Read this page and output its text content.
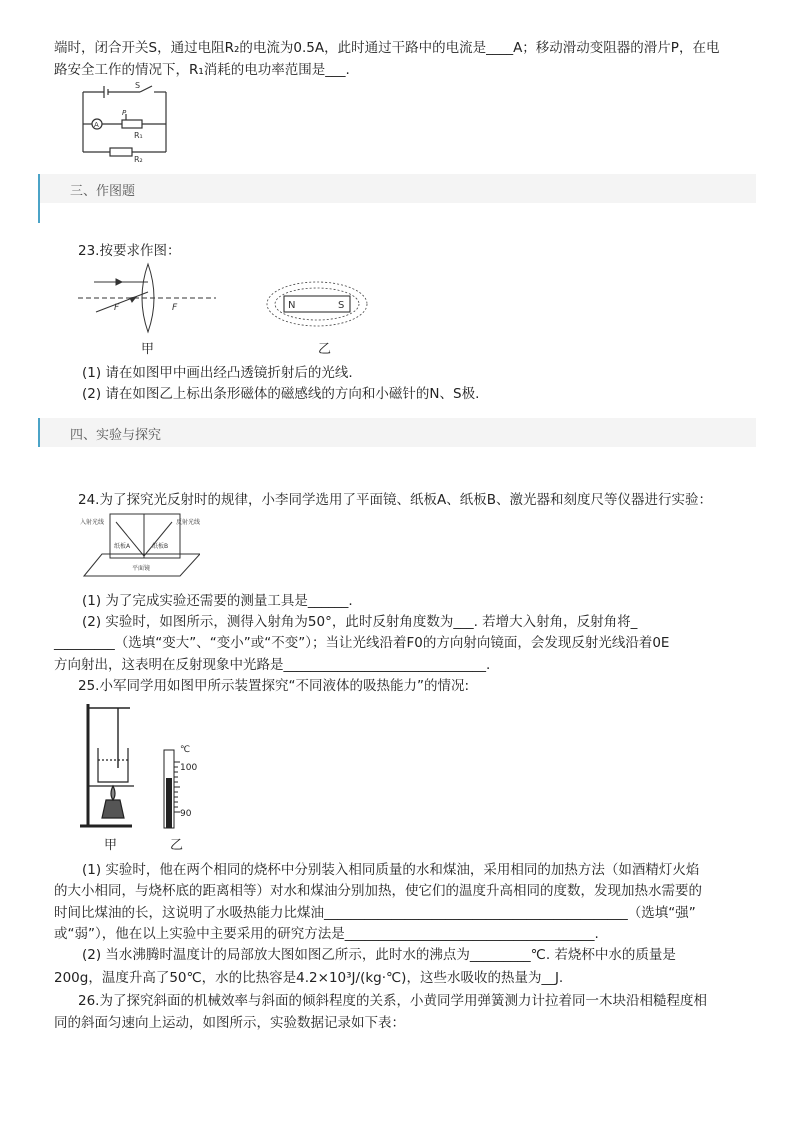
端时，闭合开关S，通过电阻R₂的电流为0.5A，此时通过干路中的电流是____A；移动滑动变阻器的滑片P，在电
路安全工作的情况下，R₁消耗的电功率范围是___.
S
A
P
R₁
R₂
三、作图题
23.按要求作图：
F	F
甲
N	S
乙
(1) 请在如图甲中画出经凸透镜折射后的光线.
(2) 请在如图乙上标出条形磁体的磁感线的方向和小磁针的N、S极.
四、实验与探究
24.为了探究光反射时的规律，小李同学选用了平面镜、纸板A、纸板B、激光器和刻度尺等仪器进行实验：
入射光线	反射光线
纸板A	纸板B
平面镜
(1) 为了完成实验还需要的测量工具是______.
(2) 实验时，如图所示，测得入射角为50°，此时反射角度数为___. 若增大入射角，反射角将_
_________（选填“变大”、“变小”或“不变”）；当让光线沿着F0的方向射向镜面，会发现反射光线沿着0E
方向射出，这表明在反射现象中光路是______________________________.
25.小军同学用如图甲所示装置探究“不同液体的吸热能力”的情况:
甲
℃
100
90
乙
(1) 实验时，他在两个相同的烧杯中分别装入相同质量的水和煤油，采用相同的加热方法（如酒精灯火焰
的大小相同，与烧杯底的距离相等）对水和煤油分别加热，使它们的温度升高相同的度数，发现加热水需要的
时间比煤油的长，这说明了水吸热能力比煤油_____________________________________________（选填“强”
或“弱”），他在以上实验中主要采用的研究方法是_____________________________________.
(2) 当水沸腾时温度计的局部放大图如图乙所示，此时水的沸点为_________℃. 若烧杯中水的质量是
200g，温度升高了50℃，水的比热容是4.2×10³J/(kg·℃)，这些水吸收的热量为__J.
26.为了探究斜面的机械效率与斜面的倾斜程度的关系，小黄同学用弹簧测力计拉着同一木块沿相糙程度相
同的斜面匀速向上运动，如图所示，实验数据记录如下表：
